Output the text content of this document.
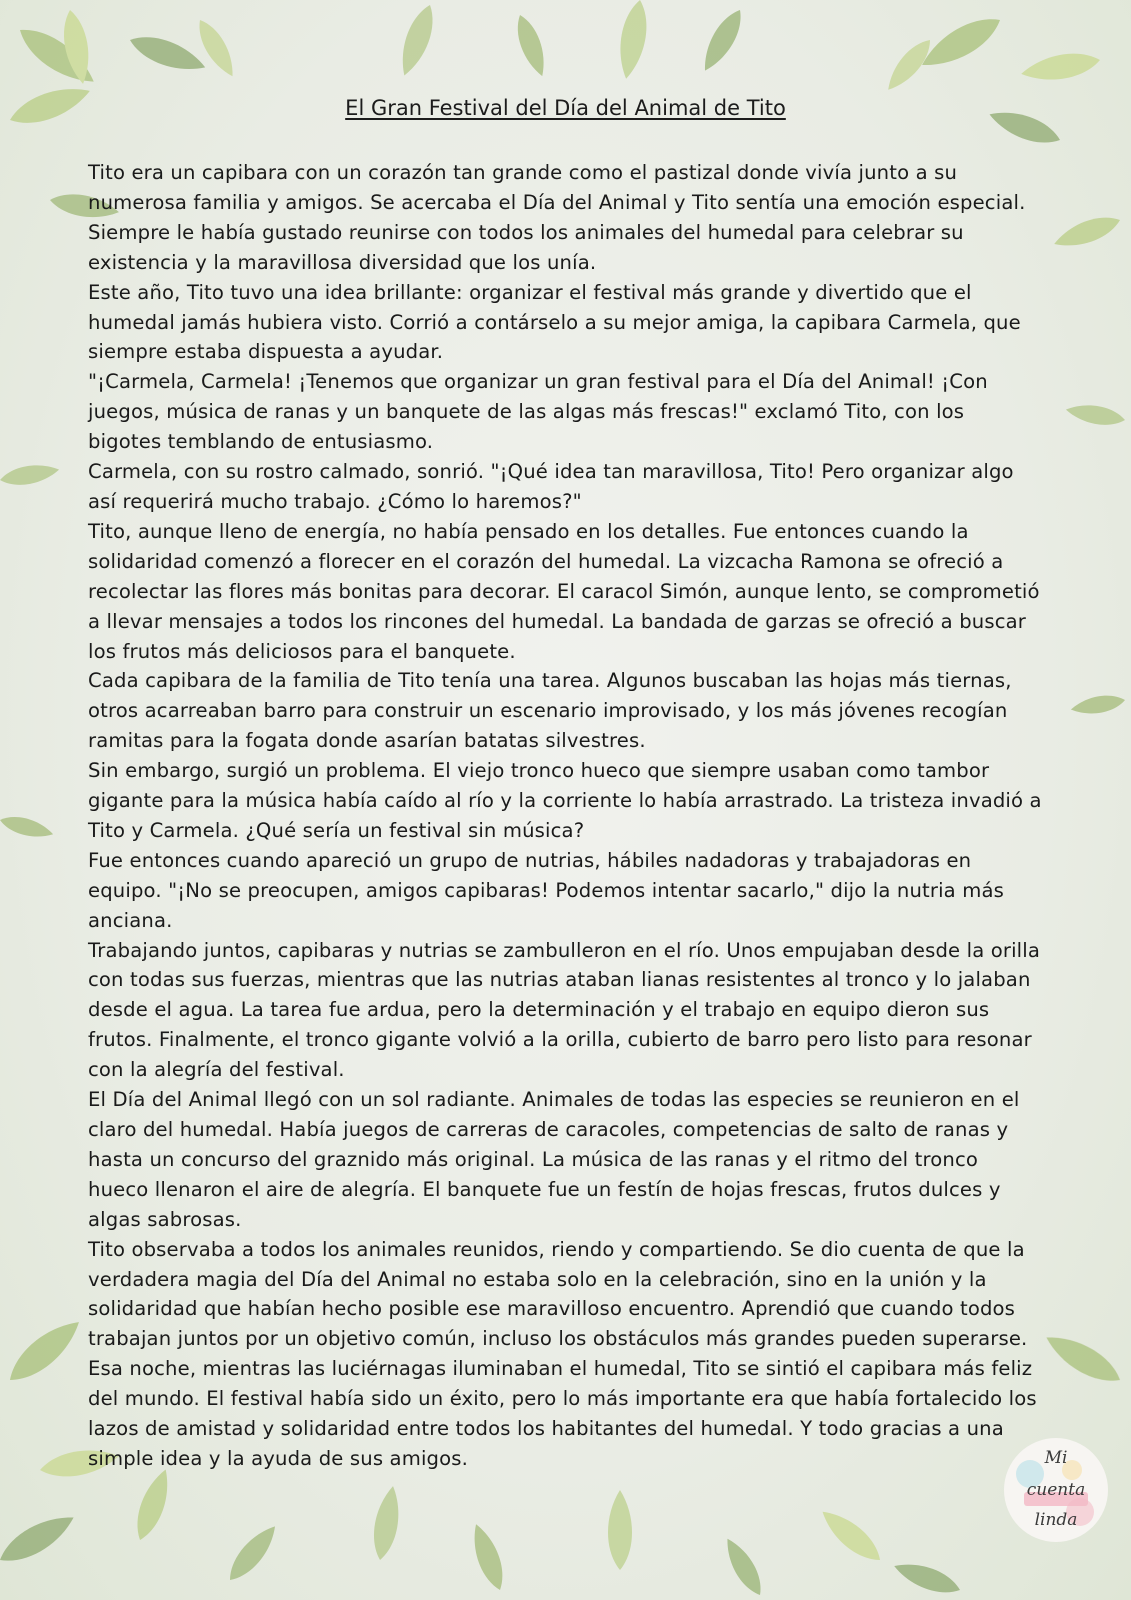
El Gran Festival del Día del Animal de Tito

Tito era un capibara con un corazón tan grande como el pastizal donde vivía junto a su numerosa familia y amigos. Se acercaba el Día del Animal y Tito sentía una emoción especial. Siempre le había gustado reunirse con todos los animales del humedal para celebrar su existencia y la maravillosa diversidad que los unía.

Este año, Tito tuvo una idea brillante: organizar el festival más grande y divertido que el humedal jamás hubiera visto. Corrió a contárselo a su mejor amiga, la capibara Carmela, que siempre estaba dispuesta a ayudar.

"¡Carmela, Carmela! ¡Tenemos que organizar un gran festival para el Día del Animal! ¡Con juegos, música de ranas y un banquete de las algas más frescas!" exclamó Tito, con los bigotes temblando de entusiasmo.

Carmela, con su rostro calmado, sonrió. "¡Qué idea tan maravillosa, Tito! Pero organizar algo así requerirá mucho trabajo. ¿Cómo lo haremos?"

Tito, aunque lleno de energía, no había pensado en los detalles. Fue entonces cuando la solidaridad comenzó a florecer en el corazón del humedal. La vizcacha Ramona se ofreció a recolectar las flores más bonitas para decorar. El caracol Simón, aunque lento, se comprometió a llevar mensajes a todos los rincones del humedal. La bandada de garzas se ofreció a buscar los frutos más deliciosos para el banquete.

Cada capibara de la familia de Tito tenía una tarea. Algunos buscaban las hojas más tiernas, otros acarreaban barro para construir un escenario improvisado, y los más jóvenes recogían ramitas para la fogata donde asarían batatas silvestres.

Sin embargo, surgió un problema. El viejo tronco hueco que siempre usaban como tambor gigante para la música había caído al río y la corriente lo había arrastrado. La tristeza invadió a Tito y Carmela. ¿Qué sería un festival sin música?

Fue entonces cuando apareció un grupo de nutrias, hábiles nadadoras y trabajadoras en equipo. "¡No se preocupen, amigos capibaras! Podemos intentar sacarlo," dijo la nutria más anciana.

Trabajando juntos, capibaras y nutrias se zambulleron en el río. Unos empujaban desde la orilla con todas sus fuerzas, mientras que las nutrias ataban lianas resistentes al tronco y lo jalaban desde el agua. La tarea fue ardua, pero la determinación y el trabajo en equipo dieron sus frutos. Finalmente, el tronco gigante volvió a la orilla, cubierto de barro pero listo para resonar con la alegría del festival.

El Día del Animal llegó con un sol radiante. Animales de todas las especies se reunieron en el claro del humedal. Había juegos de carreras de caracoles, competencias de salto de ranas y hasta un concurso del graznido más original. La música de las ranas y el ritmo del tronco hueco llenaron el aire de alegría. El banquete fue un festín de hojas frescas, frutos dulces y algas sabrosas.

Tito observaba a todos los animales reunidos, riendo y compartiendo. Se dio cuenta de que la verdadera magia del Día del Animal no estaba solo en la celebración, sino en la unión y la solidaridad que habían hecho posible ese maravilloso encuentro. Aprendió que cuando todos trabajan juntos por un objetivo común, incluso los obstáculos más grandes pueden superarse.

Esa noche, mientras las luciérnagas iluminaban el humedal, Tito se sintió el capibara más feliz del mundo. El festival había sido un éxito, pero lo más importante era que había fortalecido los lazos de amistad y solidaridad entre todos los habitantes del humedal. Y todo gracias a una simple idea y la ayuda de sus amigos.	Mi
cuenta
linda
